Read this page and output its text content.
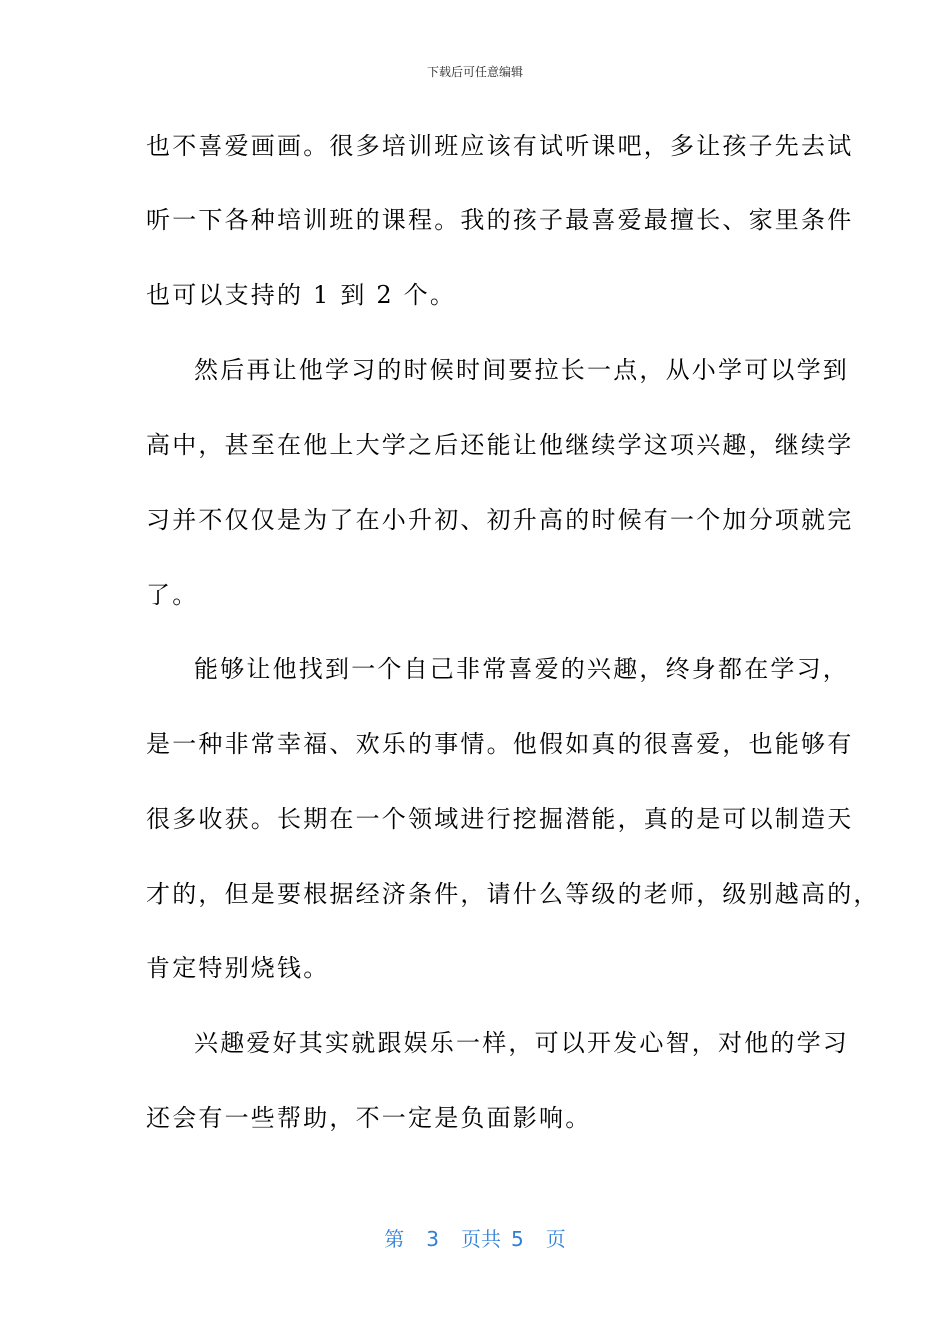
下载后可任意编辑
也不喜爱画画。很多培训班应该有试听课吧，多让孩子先去试
听一下各种培训班的课程。我的孩子最喜爱最擅长、家里条件
也可以支持的 1 到 2 个。
然后再让他学习的时候时间要拉长一点，从小学可以学到
高中，甚至在他上大学之后还能让他继续学这项兴趣，继续学
习并不仅仅是为了在小升初、初升高的时候有一个加分项就完
了。
能够让他找到一个自己非常喜爱的兴趣，终身都在学习，
是一种非常幸福、欢乐的事情。他假如真的很喜爱，也能够有
很多收获。长期在一个领域进行挖掘潜能，真的是可以制造天
才的，但是要根据经济条件，请什么等级的老师，级别越高的，
肯定特别烧钱。
兴趣爱好其实就跟娱乐一样，可以开发心智，对他的学习
还会有一些帮助，不一定是负面影响。
第 3 页共 5 页
